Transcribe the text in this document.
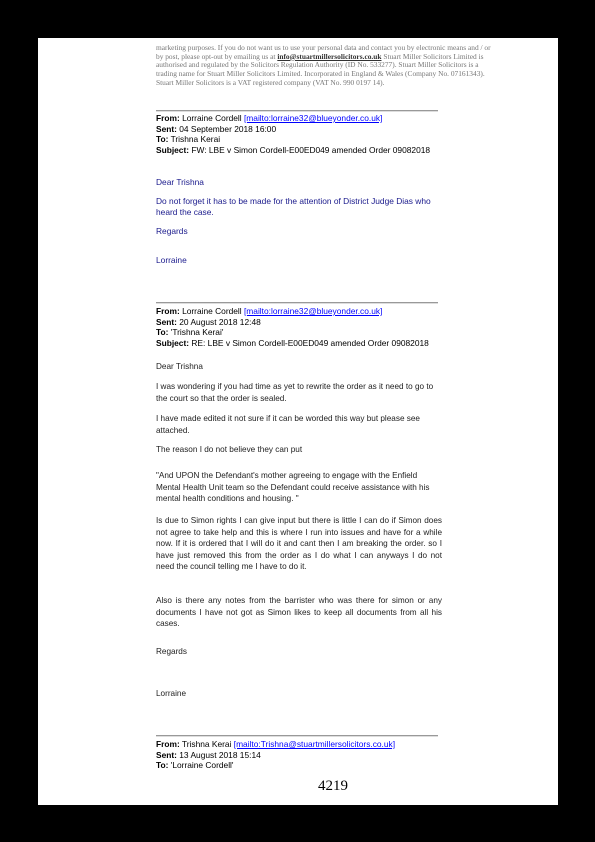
marketing purposes. If you do not want us to use your personal data and contact you by electronic means and / or
by post, please opt-out by emailing us at info@stuartmillersolicitors.co.uk Stuart Miller Solicitors Limited is
authorised and regulated by the Solicitors Regulation Authority (ID No. 533277). Stuart Miller Solicitors is a
trading name for Stuart Miller Solicitors Limited. Incorporated in England & Wales (Company No. 07161343).
Stuart Miller Solicitors is a VAT registered company (VAT No. 990 0197 14).
From: Lorraine Cordell [mailto:lorraine32@blueyonder.co.uk]
Sent: 04 September 2018 16:00
To: Trishna Kerai
Subject: FW: LBE v Simon Cordell-E00ED049 amended Order 09082018
Dear Trishna
Do not forget it has to be made for the attention of District Judge Dias who heard the case.
Regards
Lorraine
From: Lorraine Cordell [mailto:lorraine32@blueyonder.co.uk]
Sent: 20 August 2018 12:48
To: 'Trishna Kerai'
Subject: RE: LBE v Simon Cordell-E00ED049 amended Order 09082018
Dear Trishna
I was wondering if you had time as yet to rewrite the order as it need to go to the court so that the order is sealed.
I have made edited it not sure if it can be worded this way but please see attached.
The reason I do not believe they can put
"And UPON the Defendant's mother agreeing to engage with the Enfield Mental Health Unit team so the Defendant could receive assistance with his mental health conditions and housing. "
Is due to Simon rights I can give input but there is little I can do if Simon does not agree to take help and this is where I run into issues and have for a while now. If it is ordered that I will do it and cant then I am breaking the order. so I have just removed this from the order as I do what I can anyways I do not need the council telling me I have to do it.
Also is there any notes from the barrister who was there for simon or any documents I have not got as Simon likes to keep all documents from all his cases.
Regards
Lorraine
From: Trishna Kerai [mailto:Trishna@stuartmillersolicitors.co.uk]
Sent: 13 August 2018 15:14
To: 'Lorraine Cordell'
4219
